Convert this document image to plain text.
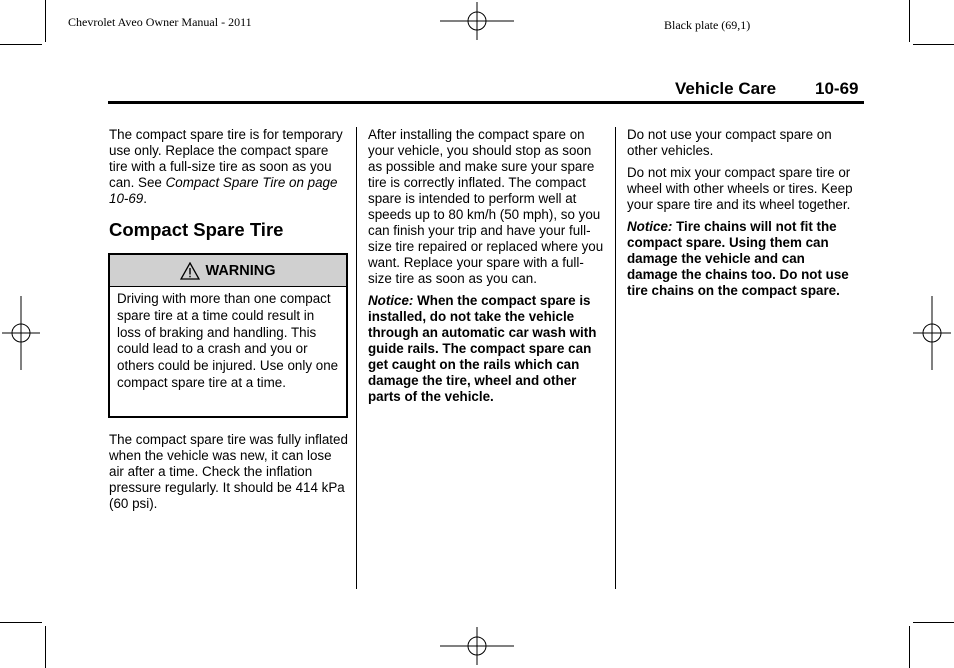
Chevrolet Aveo Owner Manual - 2011	Black plate (69,1)
Vehicle Care 10-69

The compact spare tire is for temporary use only. Replace the compact spare tire with a full-size tire as soon as you can. See Compact Spare Tire on page 10-69.

Compact Spare Tire
WARNING
Driving with more than one compact spare tire at a time could result in loss of braking and handling. This could lead to a crash and you or others could be injured. Use only one compact spare tire at a time.

The compact spare tire was fully inflated when the vehicle was new, it can lose air after a time. Check the inflation pressure regularly. It should be 414 kPa (60 psi).

After installing the compact spare on your vehicle, you should stop as soon as possible and make sure your spare tire is correctly inflated. The compact spare is intended to perform well at speeds up to 80 km/h (50 mph), so you can finish your trip and have your full-size tire repaired or replaced where you want. Replace your spare with a full-size tire as soon as you can.

Notice: When the compact spare is installed, do not take the vehicle through an automatic car wash with guide rails. The compact spare can get caught on the rails which can damage the tire, wheel and other parts of the vehicle.

Do not use your compact spare on other vehicles.

Do not mix your compact spare tire or wheel with other wheels or tires. Keep your spare tire and its wheel together.

Notice: Tire chains will not fit the compact spare. Using them can damage the vehicle and can damage the chains too. Do not use tire chains on the compact spare.
